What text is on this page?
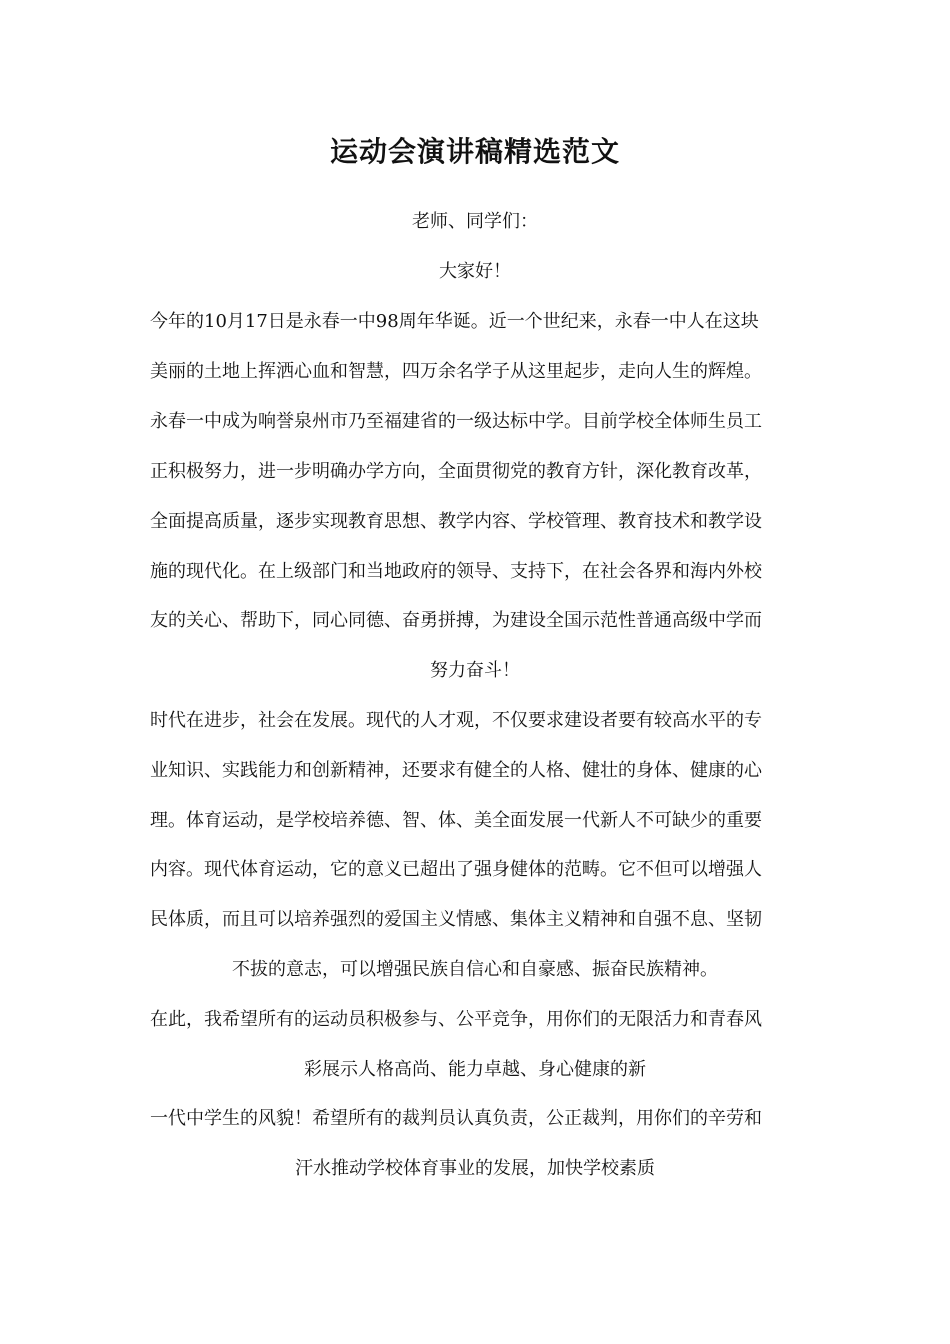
运动会演讲稿精选范文
老师、同学们：
大家好！
今年的10月17日是永春一中98周年华诞。近一个世纪来，永春一中人在这块
美丽的土地上挥洒心血和智慧，四万余名学子从这里起步，走向人生的辉煌。
永春一中成为响誉泉州市乃至福建省的一级达标中学。目前学校全体师生员工
正积极努力，进一步明确办学方向，全面贯彻党的教育方针，深化教育改革，
全面提高质量，逐步实现教育思想、教学内容、学校管理、教育技术和教学设
施的现代化。在上级部门和当地政府的领导、支持下，在社会各界和海内外校
友的关心、帮助下，同心同德、奋勇拼搏，为建设全国示范性普通高级中学而
努力奋斗！
时代在进步，社会在发展。现代的人才观，不仅要求建设者要有较高水平的专
业知识、实践能力和创新精神，还要求有健全的人格、健壮的身体、健康的心
理。体育运动，是学校培养德、智、体、美全面发展一代新人不可缺少的重要
内容。现代体育运动，它的意义已超出了强身健体的范畴。它不但可以增强人
民体质，而且可以培养强烈的爱国主义情感、集体主义精神和自强不息、坚韧
不拔的意志，可以增强民族自信心和自豪感、振奋民族精神。
在此，我希望所有的运动员积极参与、公平竞争，用你们的无限活力和青春风
彩展示人格高尚、能力卓越、身心健康的新
一代中学生的风貌！希望所有的裁判员认真负责，公正裁判，用你们的辛劳和
汗水推动学校体育事业的发展，加快学校素质
